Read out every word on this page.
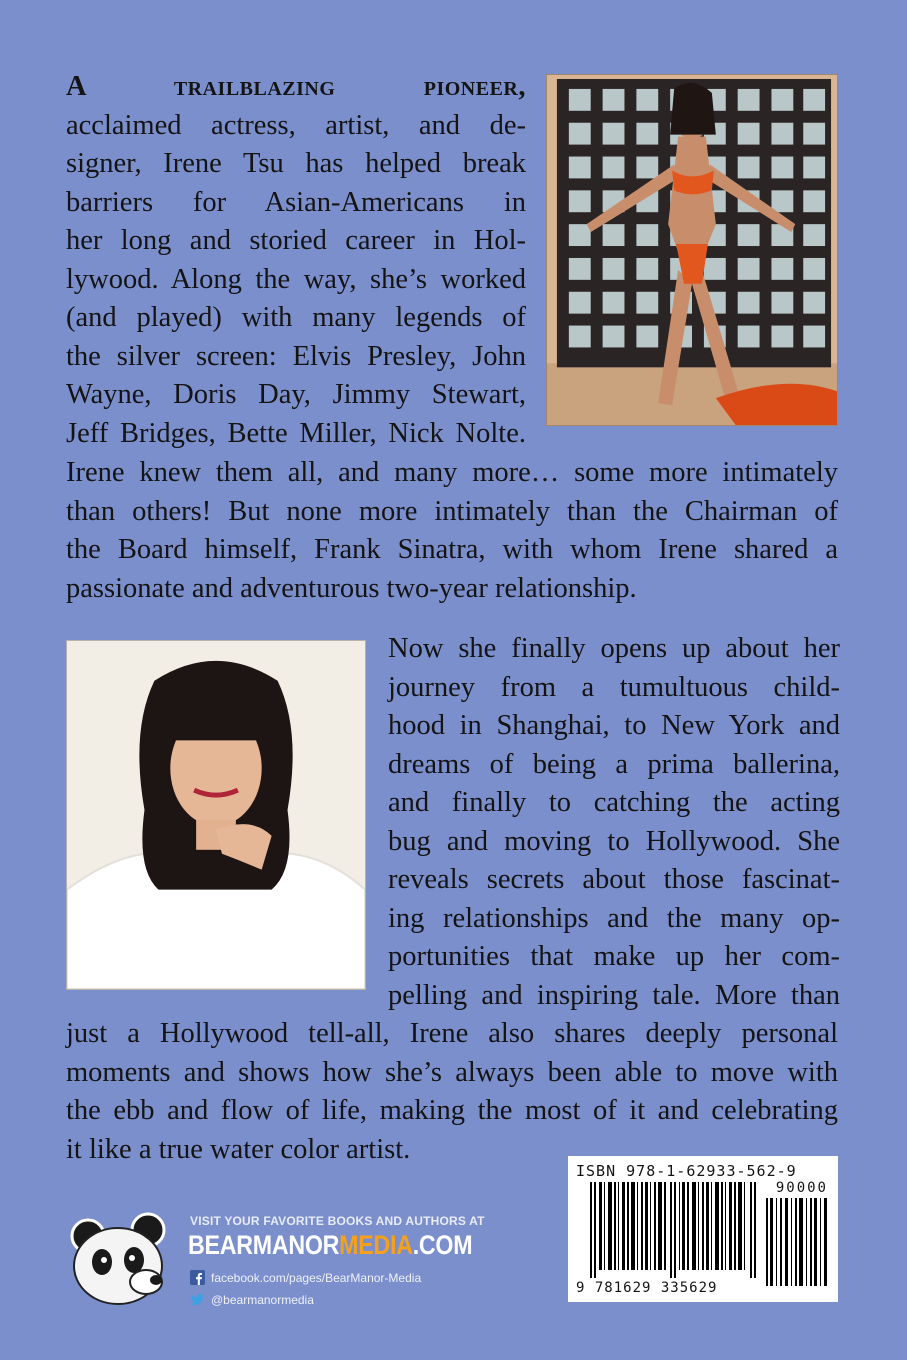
A trailblazing pioneer,
acclaimed actress, artist, and de-
signer, Irene Tsu has helped break
barriers for Asian-Americans in
her long and storied career in Hol-
lywood. Along the way, she’s worked
(and played) with many legends of
the silver screen: Elvis Presley, John
Wayne, Doris Day, Jimmy Stewart,
Jeff Bridges, Bette Miller, Nick Nolte.
Irene knew them all, and many more… some more intimately
than others! But none more intimately than the Chairman of
the Board himself, Frank Sinatra, with whom Irene shared a
passionate and adventurous two-year relationship.
Now she finally opens up about her
journey from a tumultuous child-
hood in Shanghai, to New York and
dreams of being a prima ballerina,
and finally to catching the acting
bug and moving to Hollywood. She
reveals secrets about those fascinat-
ing relationships and the many op-
portunities that make up her com-
pelling and inspiring tale. More than
just a Hollywood tell-all, Irene also shares deeply personal
moments and shows how she’s always been able to move with
the ebb and flow of life, making the most of it and celebrating
it like a true water color artist.
ISBN 978-1-62933-562-9
90000
9 781629 335629
VISIT YOUR FAVORITE BOOKS AND AUTHORS AT
BEARMANORMEDIA.COM
facebook.com/pages/BearManor-Media
@bearmanormedia
